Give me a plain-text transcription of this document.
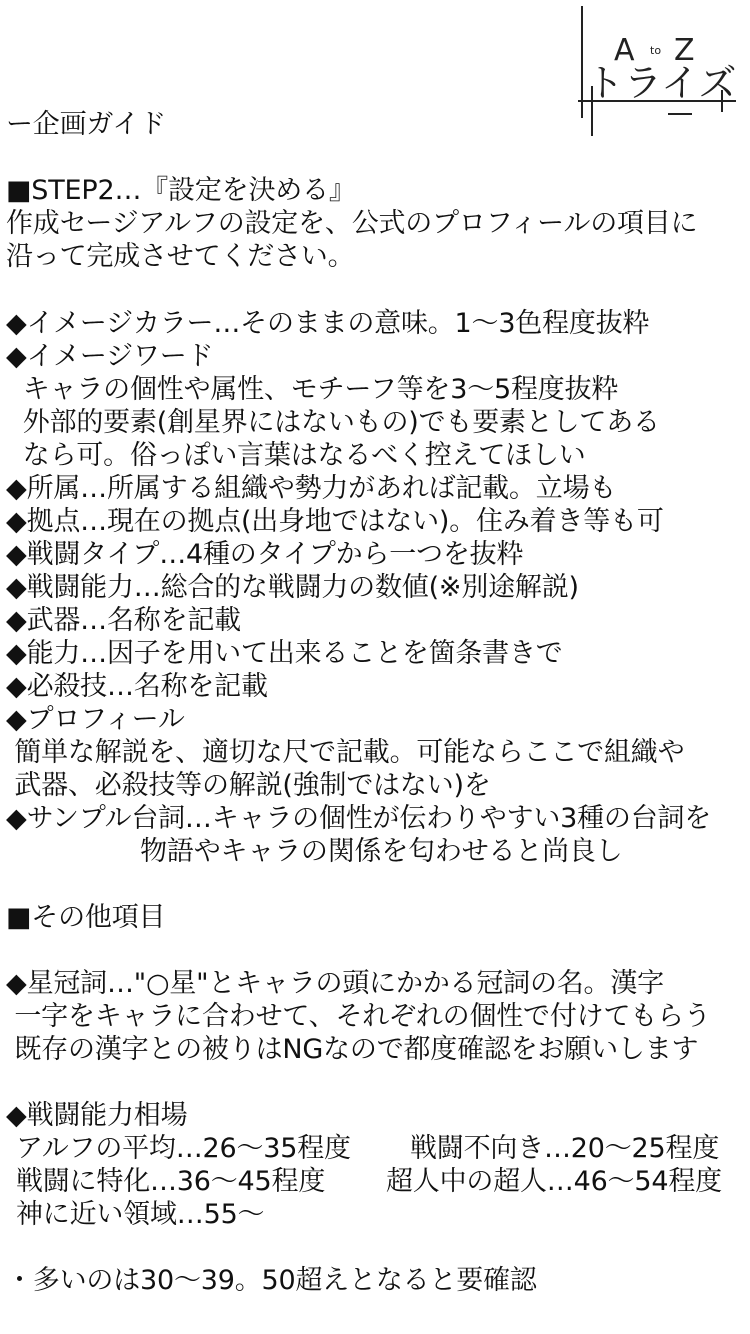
A to Z
トライズ
ー企画ガイド
■STEP2…『設定を決める』
作成セージアルフの設定を、公式のプロフィールの項目に
沿って完成させてください。
◆イメージカラー…そのままの意味。1〜3色程度抜粋
◆イメージワード
キャラの個性や属性、モチーフ等を3〜5程度抜粋
外部的要素(創星界にはないもの)でも要素としてある
なら可。俗っぽい言葉はなるべく控えてほしい
◆所属…所属する組織や勢力があれば記載。立場も
◆拠点…現在の拠点(出身地ではない)。住み着き等も可
◆戦闘タイプ…4種のタイプから一つを抜粋
◆戦闘能力…総合的な戦闘力の数値(※別途解説)
◆武器…名称を記載
◆能力…因子を用いて出来ることを箇条書きで
◆必殺技…名称を記載
◆プロフィール
簡単な解説を、適切な尺で記載。可能ならここで組織や
武器、必殺技等の解説(強制ではない)を
◆サンプル台詞…キャラの個性が伝わりやすい3種の台詞を
物語やキャラの関係を匂わせると尚良し
■その他項目
◆星冠詞…"○星"とキャラの頭にかかる冠詞の名。漢字
一字をキャラに合わせて、それぞれの個性で付けてもらう
既存の漢字との被りはNGなので都度確認をお願いします
◆戦闘能力相場
アルフの平均…26〜35程度	戦闘不向き…20〜25程度
戦闘に特化…36〜45程度	超人中の超人…46〜54程度
神に近い領域…55〜
・多いのは30〜39。50超えとなると要確認
